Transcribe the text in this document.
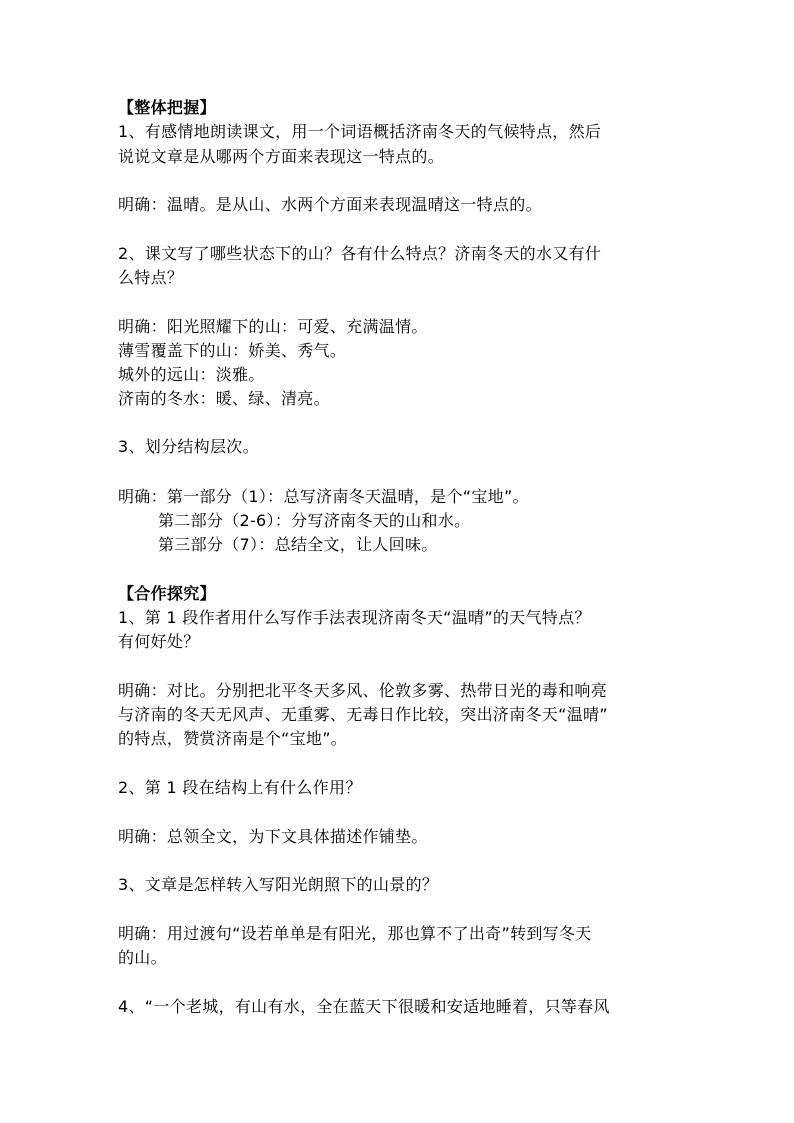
【整体把握】
1、有感情地朗读课文，用一个词语概括济南冬天的气候特点，然后
说说文章是从哪两个方面来表现这一特点的。
明确：温晴。是从山、水两个方面来表现温晴这一特点的。
2、课文写了哪些状态下的山？各有什么特点？济南冬天的水又有什
么特点？
明确：阳光照耀下的山：可爱、充满温情。
薄雪覆盖下的山：娇美、秀气。
城外的远山：淡雅。
济南的冬水：暖、绿、清亮。
3、划分结构层次。
明确：第一部分（1）：总写济南冬天温晴，是个“宝地”。
第二部分（2-6）：分写济南冬天的山和水。
第三部分（7）：总结全文，让人回味。
【合作探究】
1、第 1 段作者用什么写作手法表现济南冬天“温晴”的天气特点？
有何好处？
明确：对比。分别把北平冬天多风、伦敦多雾、热带日光的毒和响亮
与济南的冬天无风声、无重雾、无毒日作比较，突出济南冬天“温晴”
的特点，赞赏济南是个“宝地”。
2、第 1 段在结构上有什么作用？
明确：总领全文，为下文具体描述作铺垫。
3、文章是怎样转入写阳光朗照下的山景的？
明确：用过渡句“设若单单是有阳光，那也算不了出奇”转到写冬天
的山。
4、“一个老城，有山有水，全在蓝天下很暖和安适地睡着，只等春风
